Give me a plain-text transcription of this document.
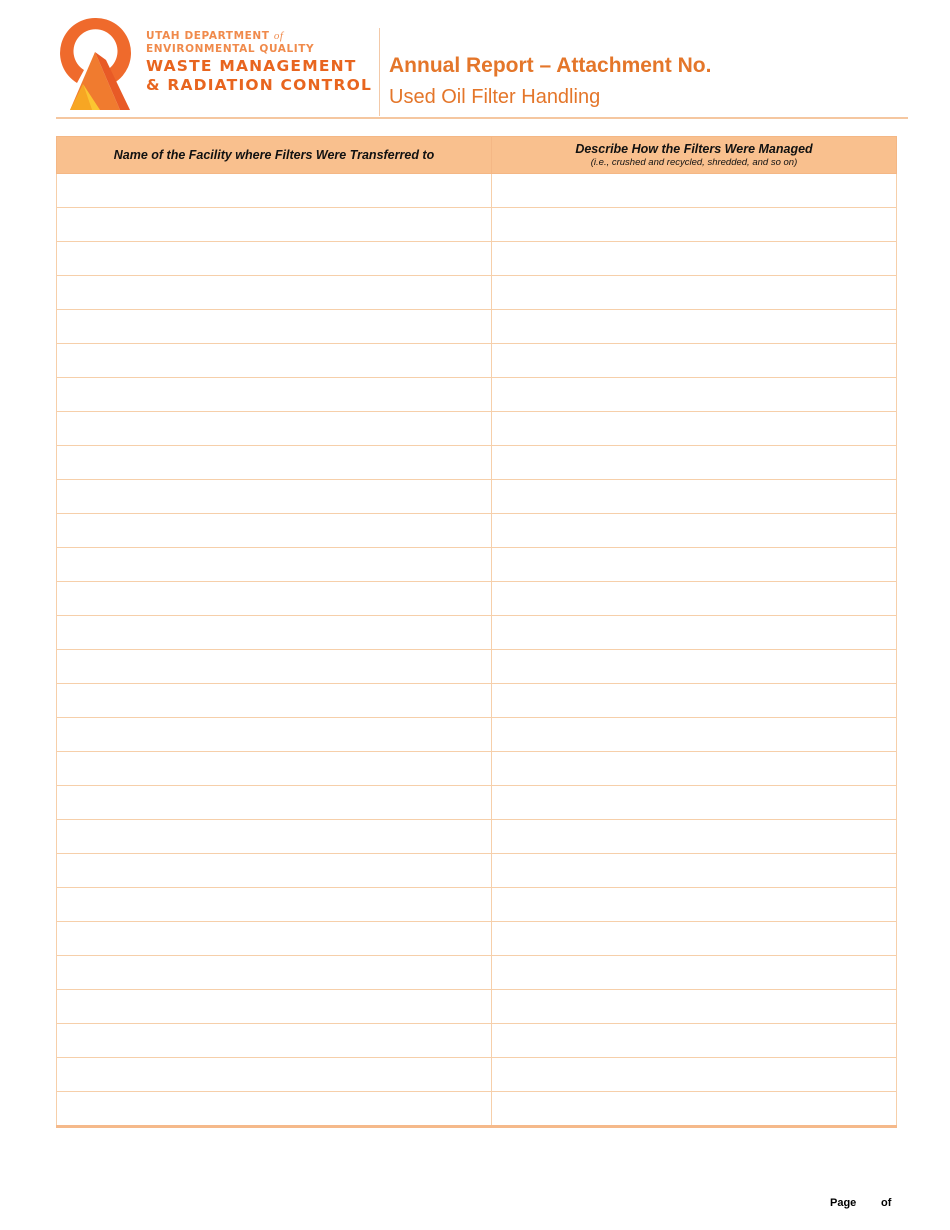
UTAH DEPARTMENT of
ENVIRONMENTAL QUALITY
WASTE MANAGEMENT
& RADIATION CONTROL
Annual Report – Attachment No.
Used Oil Filter Handling
Name of the Facility where Filters Were Transferred to	Describe How the Filters Were Managed
(i.e., crushed and recycled, shredded, and so on)

Page of
